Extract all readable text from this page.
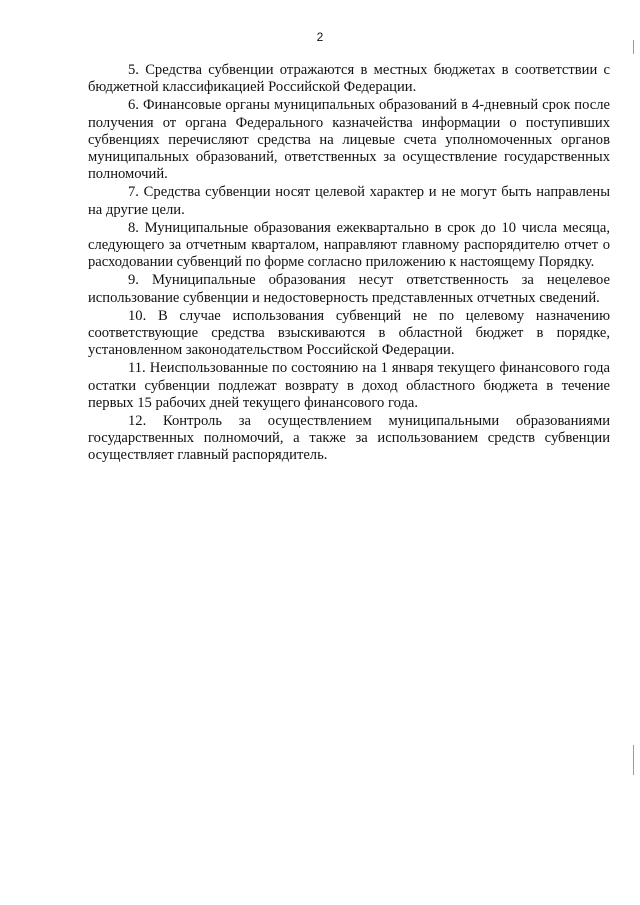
2

5. Средства субвенции отражаются в местных бюджетах в соответствии с бюджетной классификацией Российской Федерации.

6. Финансовые органы муниципальных образований в 4-дневный срок после получения от органа Федерального казначейства информации о поступивших субвенциях перечисляют средства на лицевые счета уполномоченных органов муниципальных образований, ответственных за осуществление государственных полномочий.

7. Средства субвенции носят целевой характер и не могут быть направлены на другие цели.

8. Муниципальные образования ежеквартально в срок до 10 числа месяца, следующего за отчетным кварталом, направляют главному распорядителю отчет о расходовании субвенций по форме согласно приложению к настоящему Порядку.

9. Муниципальные образования несут ответственность за нецелевое использование субвенции и недостоверность представленных отчетных сведений.

10. В случае использования субвенций не по целевому назначению соответствующие средства взыскиваются в областной бюджет в порядке, установленном законодательством Российской Федерации.

11. Неиспользованные по состоянию на 1 января текущего финансового года остатки субвенции подлежат возврату в доход областного бюджета в течение первых 15 рабочих дней текущего финансового года.

12. Контроль за осуществлением муниципальными образованиями государственных полномочий, а также за использованием средств субвенции осуществляет главный распорядитель.
